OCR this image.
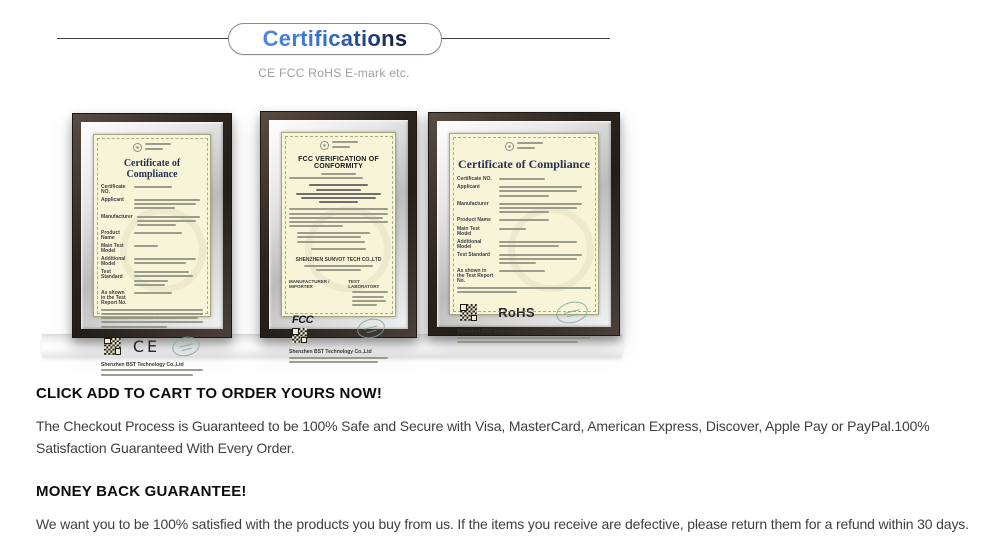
Certifications
CE FCC RoHS E-mark etc.
Certificate of Compliance
Certificate NO.
Applicant
Manufacturer
Product Name
Main Test Model
Additional Model
Test Standard
As shown in the Test Report No.
CE
Shenzhen BST Technology Co.,Ltd
FCC VERIFICATION OF CONFORMITY
SHENZHEN SUNVOT TECH CO.,LTD
MANUFACTURER / IMPORTER
TEST LABORATORY
FCC
Shenzhen BST Technology Co.,Ltd
Certificate of Compliance
Certificate NO.
Applicant
Manufacturer
Product Name
Main Test Model
Additional Model
Test Standard
As shown in the Test Report No.
RoHS
Shenzhen BST Technology Co.,Ltd
CLICK ADD TO CART TO ORDER YOURS NOW!

The Checkout Process is Guaranteed to be 100% Safe and Secure with Visa, MasterCard, American Express, Discover, Apple Pay or PayPal.100% Satisfaction Guaranteed With Every Order.

MONEY BACK GUARANTEE!

We want you to be 100% satisfied with the products you buy from us. If the items you receive are defective, please return them for a refund within 30 days.
